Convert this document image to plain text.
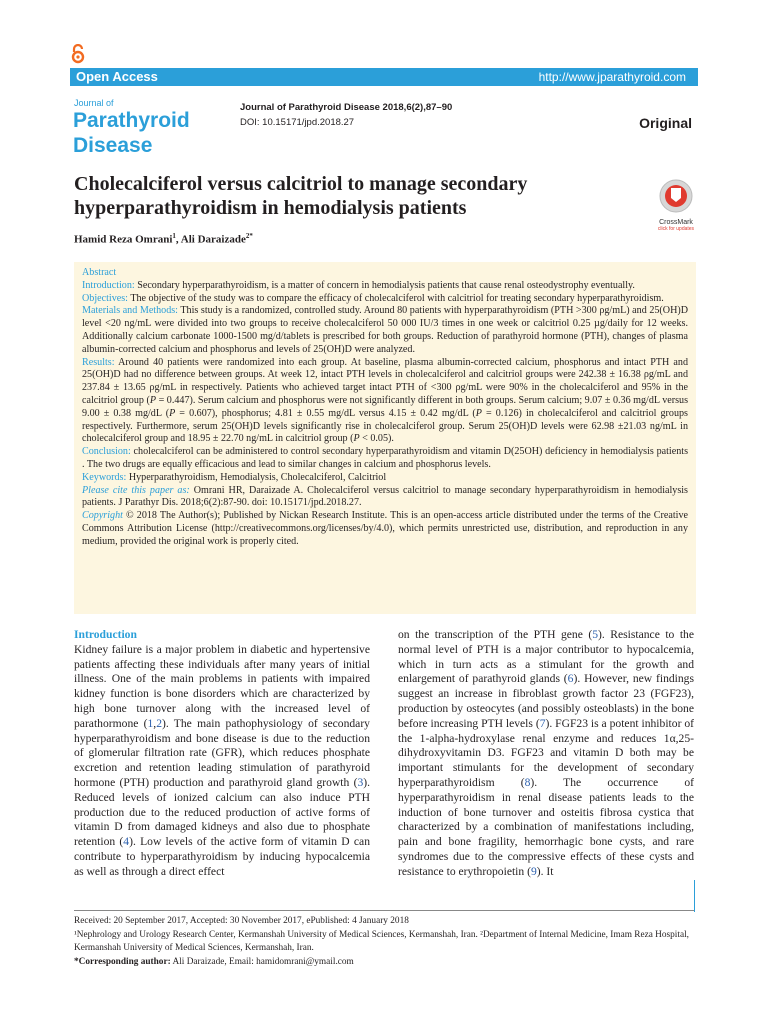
Open Access	http://www.jparathyroid.com
Journal of
Parathyroid
Disease
Journal of Parathyroid Disease 2018,6(2),87–90
DOI: 10.15171/jpd.2018.27	Original
Cholecalciferol versus calcitriol to manage secondary
hyperparathyroidism in hemodialysis patients
CrossMark
click for updates
Hamid Reza Omrani$^1$, Ali Daraizade$^{2*}$

Abstract

Introduction: Secondary hyperparathyroidism, is a matter of concern in hemodialysis patients that cause renal osteodystrophy eventually.

Objectives: The objective of the study was to compare the efficacy of cholecalciferol with calcitriol for treating secondary hyperparathyroidism.

Materials and Methods: This study is a randomized, controlled study. Around 80 patients with hyperparathyroidism (PTH >300 ρg/mL) and 25(OH)D level <20 ng/mL were divided into two groups to receive cholecalciferol 50 000 IU/3 times in one week or calcitriol 0.25 µg/daily for 12 weeks. Additionally calcium carbonate 1000-1500 mg/d/tablets is prescribed for both groups. Reduction of parathyroid hormone (PTH), changes of plasma albumin-corrected calcium and phosphorus and levels of 25(OH)D were analyzed.

Results: Around 40 patients were randomized into each group. At baseline, plasma albumin-corrected calcium, phosphorus and intact PTH and 25(OH)D had no difference between groups. At week 12, intact PTH levels in cholecalciferol and calcitriol groups were 242.38 ± 16.38 ρg/mL and 237.84 ± 13.65 ρg/mL in respectively. Patients who achieved target intact PTH of <300 ρg/mL were 90% in the cholecalciferol and 95% in the calcitriol group (P = 0.447). Serum calcium and phosphorus were not significantly different in both groups. Serum calcium; 9.07 ± 0.36 mg/dL versus 9.00 ± 0.38 mg/dL (P = 0.607), phosphorus; 4.81 ± 0.55 mg/dL versus 4.15 ± 0.42 mg/dL (P = 0.126) in cholecalciferol and calcitriol groups respectively. Furthermore, serum 25(OH)D levels significantly rise in cholecalciferol group. Serum 25(OH)D levels were 62.98 ±21.03 ng/mL in cholecalciferol group and 18.95 ± 22.70 ng/mL in calcitriol group (P < 0.05).

Conclusion: cholecalciferol can be administered to control secondary hyperparathyroidism and vitamin D(25OH) deficiency in hemodialysis patients . The two drugs are equally efficacious and lead to similar changes in calcium and phosphorus levels.

Keywords: Hyperparathyroidism, Hemodialysis, Cholecalciferol, Calcitriol

Please cite this paper as: Omrani HR, Daraizade A. Cholecalciferol versus calcitriol to manage secondary hyperparathyroidism in hemodialysis patients. J Parathyr Dis. 2018;6(2):87-90. doi: 10.15171/jpd.2018.27.

Copyright © 2018 The Author(s); Published by Nickan Research Institute. This is an open-access article distributed under the terms of the Creative Commons Attribution License (http://creativecommons.org/licenses/by/4.0), which permits unrestricted use, distribution, and reproduction in any medium, provided the original work is properly cited.

Introduction

Kidney failure is a major problem in diabetic and hypertensive patients affecting these individuals after many years of initial illness. One of the main problems in patients with impaired kidney function is bone disorders which are characterized by high bone turnover along with the increased level of parathormone (1,2). The main pathophysiology of secondary hyperparathyroidism and bone disease is due to the reduction of glomerular filtration rate (GFR), which reduces phosphate excretion and retention leading stimulation of parathyroid hormone (PTH) production and parathyroid gland growth (3). Reduced levels of ionized calcium can also induce PTH production due to the reduced production of active forms of vitamin D from damaged kidneys and also due to phosphate retention (4). Low levels of the active form of vitamin D can contribute to hyperparathyroidism by inducing hypocalcemia as well as through a direct effect

on the transcription of the PTH gene (5). Resistance to the normal level of PTH is a major contributor to hypocalcemia, which in turn acts as a stimulant for the growth and enlargement of parathyroid glands (6). However, new findings suggest an increase in fibroblast growth factor 23 (FGF23), production by osteocytes (and possibly osteoblasts) in the bone before increasing PTH levels (7). FGF23 is a potent inhibitor of the 1-alpha-hydroxylase renal enzyme and reduces 1α,25-dihydroxyvitamin D3. FGF23 and vitamin D both may be important stimulants for the development of secondary hyperparathyroidism (8). The occurrence of hyperparathyroidism in renal disease patients leads to the induction of bone turnover and osteitis fibrosa cystica that characterized by a combination of manifestations including, pain and bone fragility, hemorrhagic bone cysts, and rare syndromes due to the compressive effects of these cysts and resistance to erythropoietin (9). It

Received: 20 September 2017, Accepted: 30 November 2017, ePublished: 4 January 2018

¹Nephrology and Urology Research Center, Kermanshah University of Medical Sciences, Kermanshah, Iran. ²Department of Internal Medicine, Imam Reza Hospital, Kermanshah University of Medical Sciences, Kermanshah, Iran.

*Corresponding author: Ali Daraizade, Email: hamidomrani@ymail.com
